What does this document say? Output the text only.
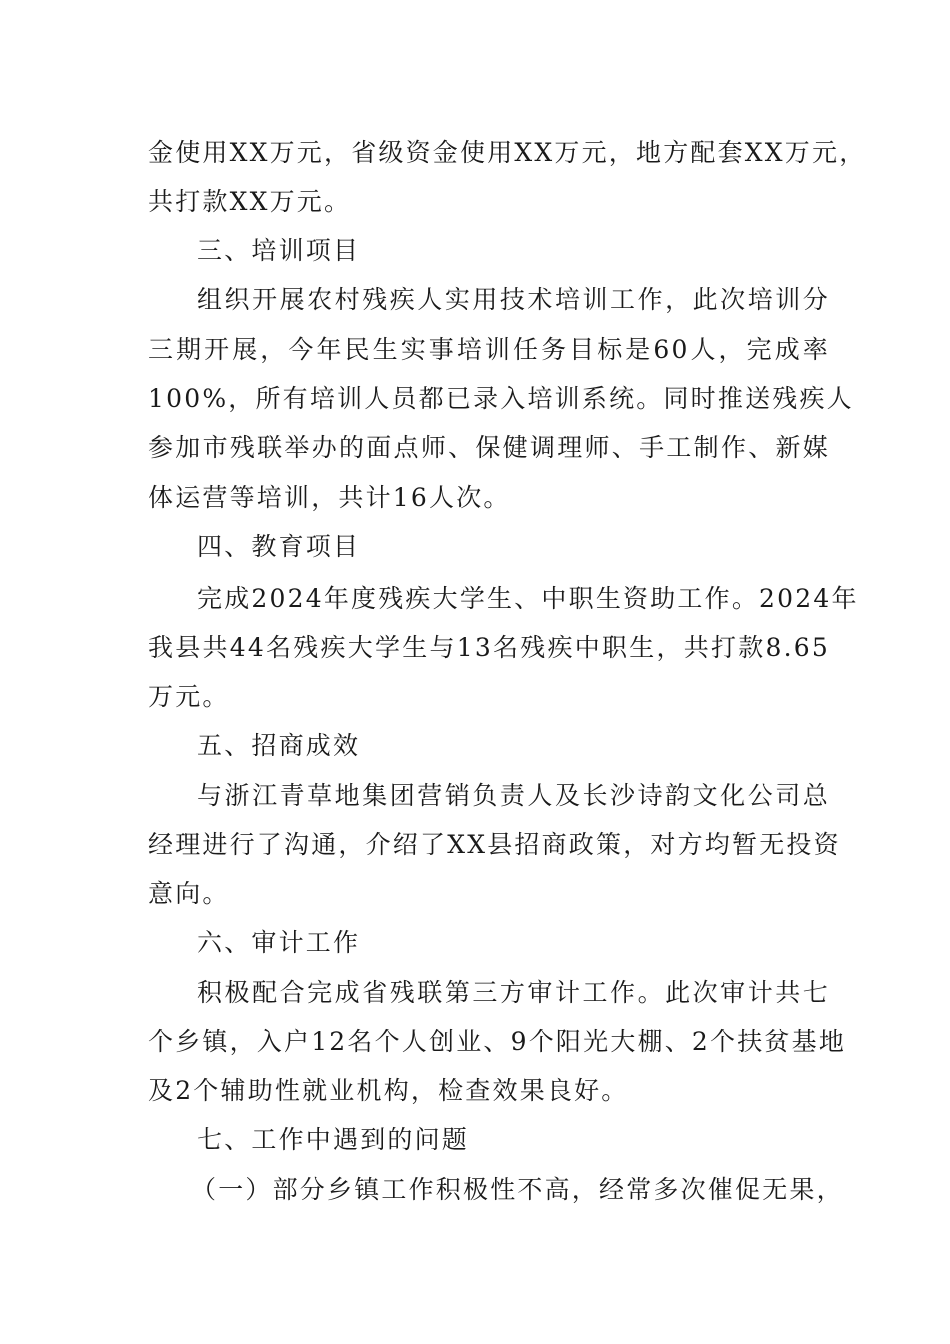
金使用XX万元，省级资金使用XX万元，地方配套XX万元，
共打款XX万元。
三、培训项目
组织开展农村残疾人实用技术培训工作，此次培训分
三期开展，今年民生实事培训任务目标是60人，完成率
100%，所有培训人员都已录入培训系统。同时推送残疾人
参加市残联举办的面点师、保健调理师、手工制作、新媒
体运营等培训，共计16人次。
四、教育项目
完成2024年度残疾大学生、中职生资助工作。2024年
我县共44名残疾大学生与13名残疾中职生，共打款8.65
万元。
五、招商成效
与浙江青草地集团营销负责人及长沙诗韵文化公司总
经理进行了沟通，介绍了XX县招商政策，对方均暂无投资
意向。
六、审计工作
积极配合完成省残联第三方审计工作。此次审计共七
个乡镇，入户12名个人创业、9个阳光大棚、2个扶贫基地
及2个辅助性就业机构，检查效果良好。
七、工作中遇到的问题
（一）部分乡镇工作积极性不高，经常多次催促无果，
